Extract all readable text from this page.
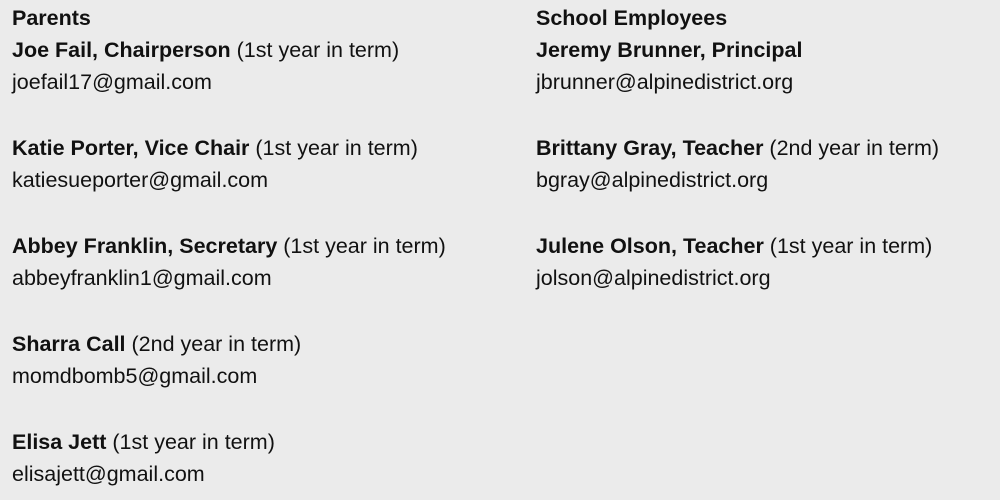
Parents
Joe Fail, Chairperson (1st year in term)
joefail17@gmail.com
Katie Porter, Vice Chair (1st year in term)
katiesueporter@gmail.com
Abbey Franklin, Secretary (1st year in term)
abbeyfranklin1@gmail.com
Sharra Call (2nd year in term)
momdbomb5@gmail.com
Elisa Jett (1st year in term)
elisajett@gmail.com
School Employees
Jeremy Brunner, Principal
jbrunner@alpinedistrict.org
Brittany Gray, Teacher (2nd year in term)
bgray@alpinedistrict.org
Julene Olson, Teacher (1st year in term)
jolson@alpinedistrict.org
